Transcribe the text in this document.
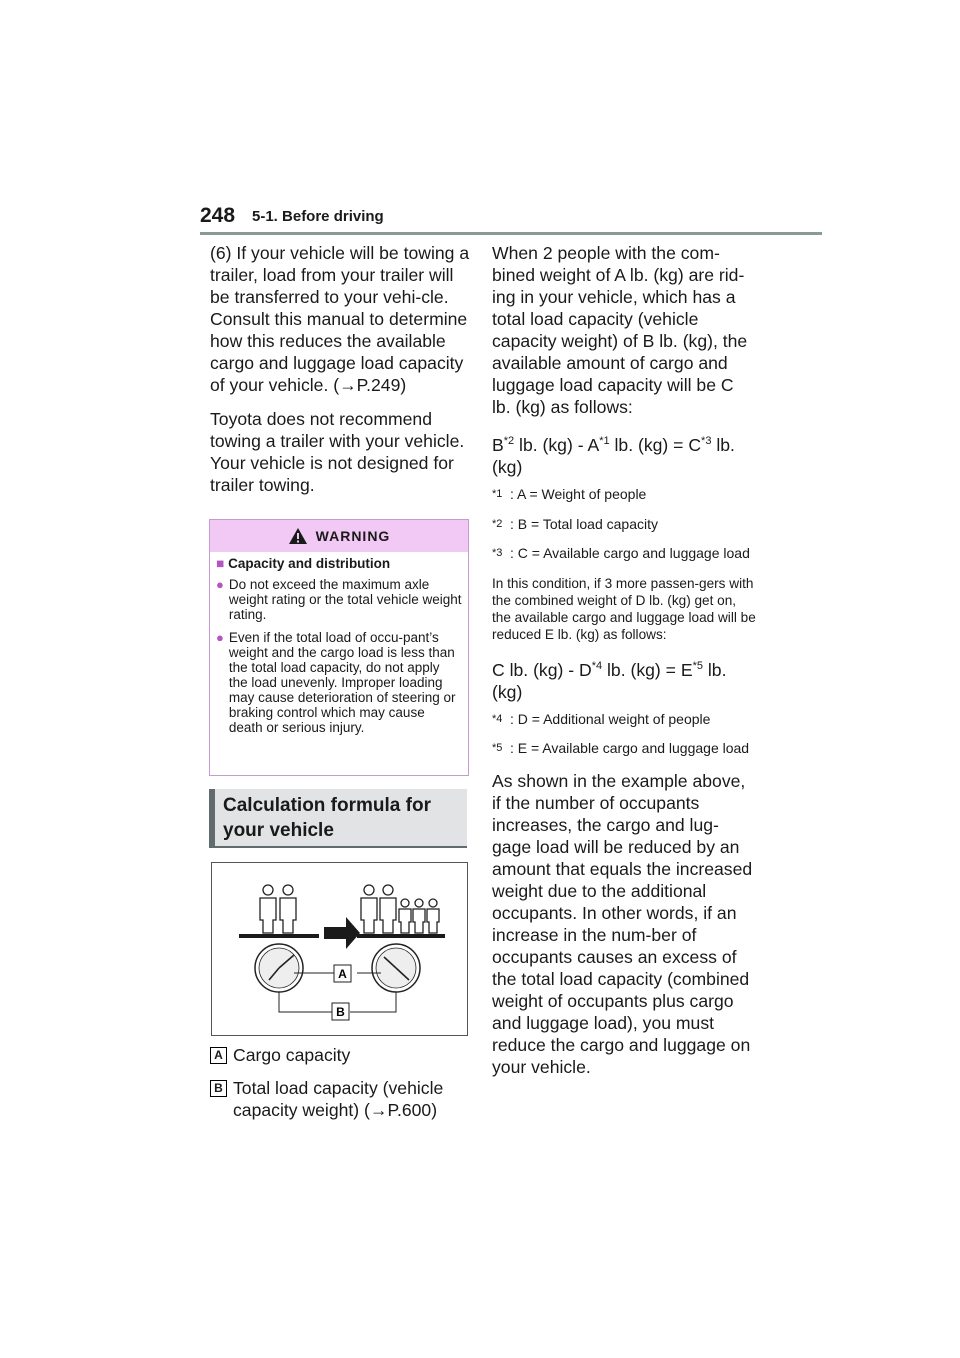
248 5-1. Before driving

(6) If your vehicle will be towing a trailer, load from your trailer will be transferred to your vehi-cle. Consult this manual to determine how this reduces the available cargo and luggage load capacity of your vehicle. (→P.249)

Toyota does not recommend towing a trailer with your vehicle. Your vehicle is not designed for trailer towing.

WARNING
■ Capacity and distribution
● Do not exceed the maximum axle weight rating or the total vehicle weight rating.
● Even if the total load of occu-pant’s weight and the cargo load is less than the total load capacity, do not apply the load unevenly. Improper loading may cause deterioration of steering or braking control which may cause death or serious injury.
Calculation formula for your vehicle
A
B
A Cargo capacity
B Total load capacity (vehicle capacity weight) (→P.600)

When 2 people with the com-bined weight of A lb. (kg) are rid-ing in your vehicle, which has a total load capacity (vehicle capacity weight) of B lb. (kg), the available amount of cargo and luggage load capacity will be C lb. (kg) as follows:

$B^{*2}$ lb. $(kg) - A^{*1}$ lb. $(kg) = C^{*3}$ lb. (kg)

$^{*1}$ : A = Weight of people
$^{*2}$ : B = Total load capacity
$^{*3}$ : C = Available cargo and luggage load

In this condition, if 3 more passen-gers with the combined weight of D lb. (kg) get on, the available cargo and luggage load will be reduced E lb. (kg) as follows:

C lb. $(kg) - D^{*4}$ lb. $(kg) = E^{*5}$ lb. (kg)

$^{*4}$ : D = Additional weight of people
$^{*5}$ : E = Available cargo and luggage load

As shown in the example above, if the number of occupants increases, the cargo and lug-gage load will be reduced by an amount that equals the increased weight due to the additional occupants. In other words, if an increase in the num-ber of occupants causes an excess of the total load capacity (combined weight of occupants plus cargo and luggage load), you must reduce the cargo and luggage on your vehicle.
